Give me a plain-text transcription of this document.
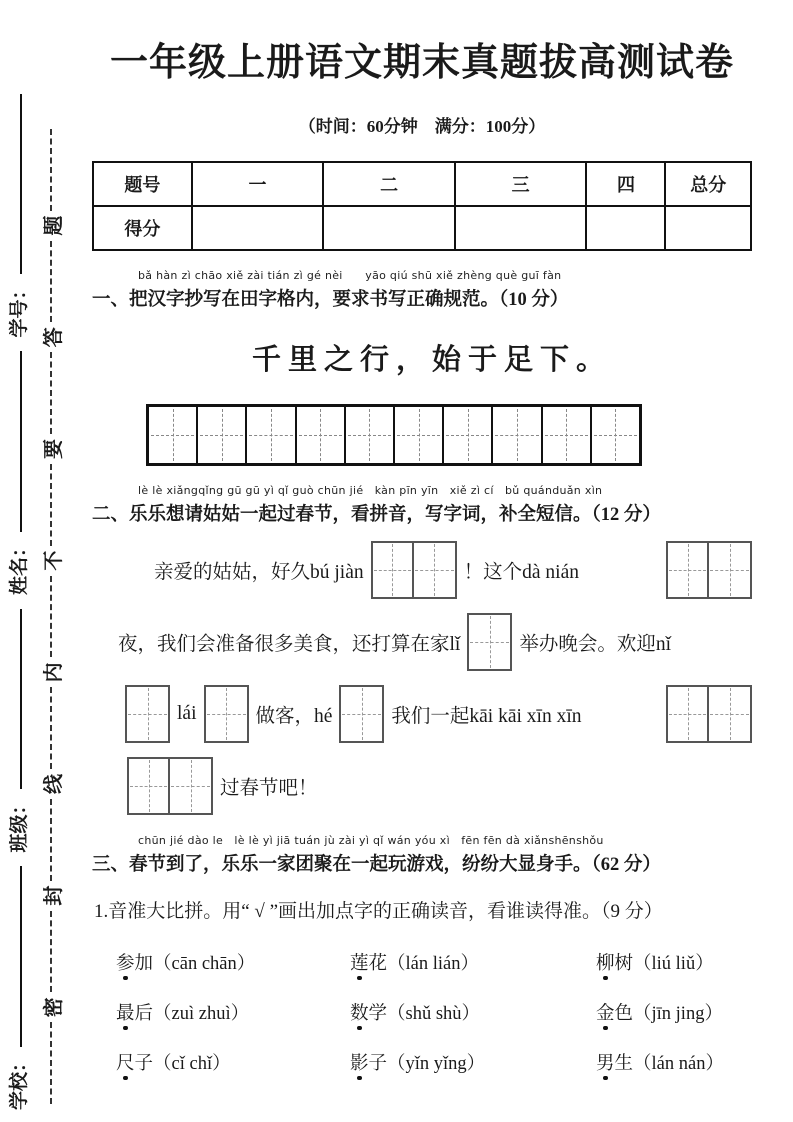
学校：
班级：
姓名：
学号：
密
封
线
内
不
要
答
题
一年级上册语文期末真题拔高测试卷
（时间：60分钟　满分：100分）
题号	一	二	三	四	总分
得分					
bǎ hàn zì chāo xiě zài tián zì gé nèi　　yāo qiú shū xiě zhèng què guī fàn
一、把汉字抄写在田字格内，要求书写正确规范。（10 分）
千里之行，始于足下。
lè lè xiǎngqǐng gū gū yì qǐ guò chūn jié　kàn pīn yīn　xiě zì cí　bǔ quánduǎn xìn
二、乐乐想请姑姑一起过春节，看拼音，写字词，补全短信。（12 分）
亲爱的姑姑，好久bú jiàn	！这个dà nián
夜，我们会准备很多美食，还打算在家lǐ	举办晚会。欢迎nǐ
lái	做客，hé	我们一起kāi kāi xīn xīn
过春节吧！
chūn jié dào le　lè lè yì jiā tuán jù zài yì qǐ wán yóu xì　fēn fēn dà xiǎnshēnshǒu
三、春节到了，乐乐一家团聚在一起玩游戏，纷纷大显身手。（62 分）
1.音准大比拼。用“ √ ”画出加点字的正确读音，看谁读得准。（9 分）
参加（cān chān）	莲花（lán lián）	柳树（liú liǔ）
最后（zuì zhuì）	数学（shǔ shù）	金色（jīn jing）
尺子（cǐ chǐ）	影子（yǐn yǐng）	男生（lán nán）
